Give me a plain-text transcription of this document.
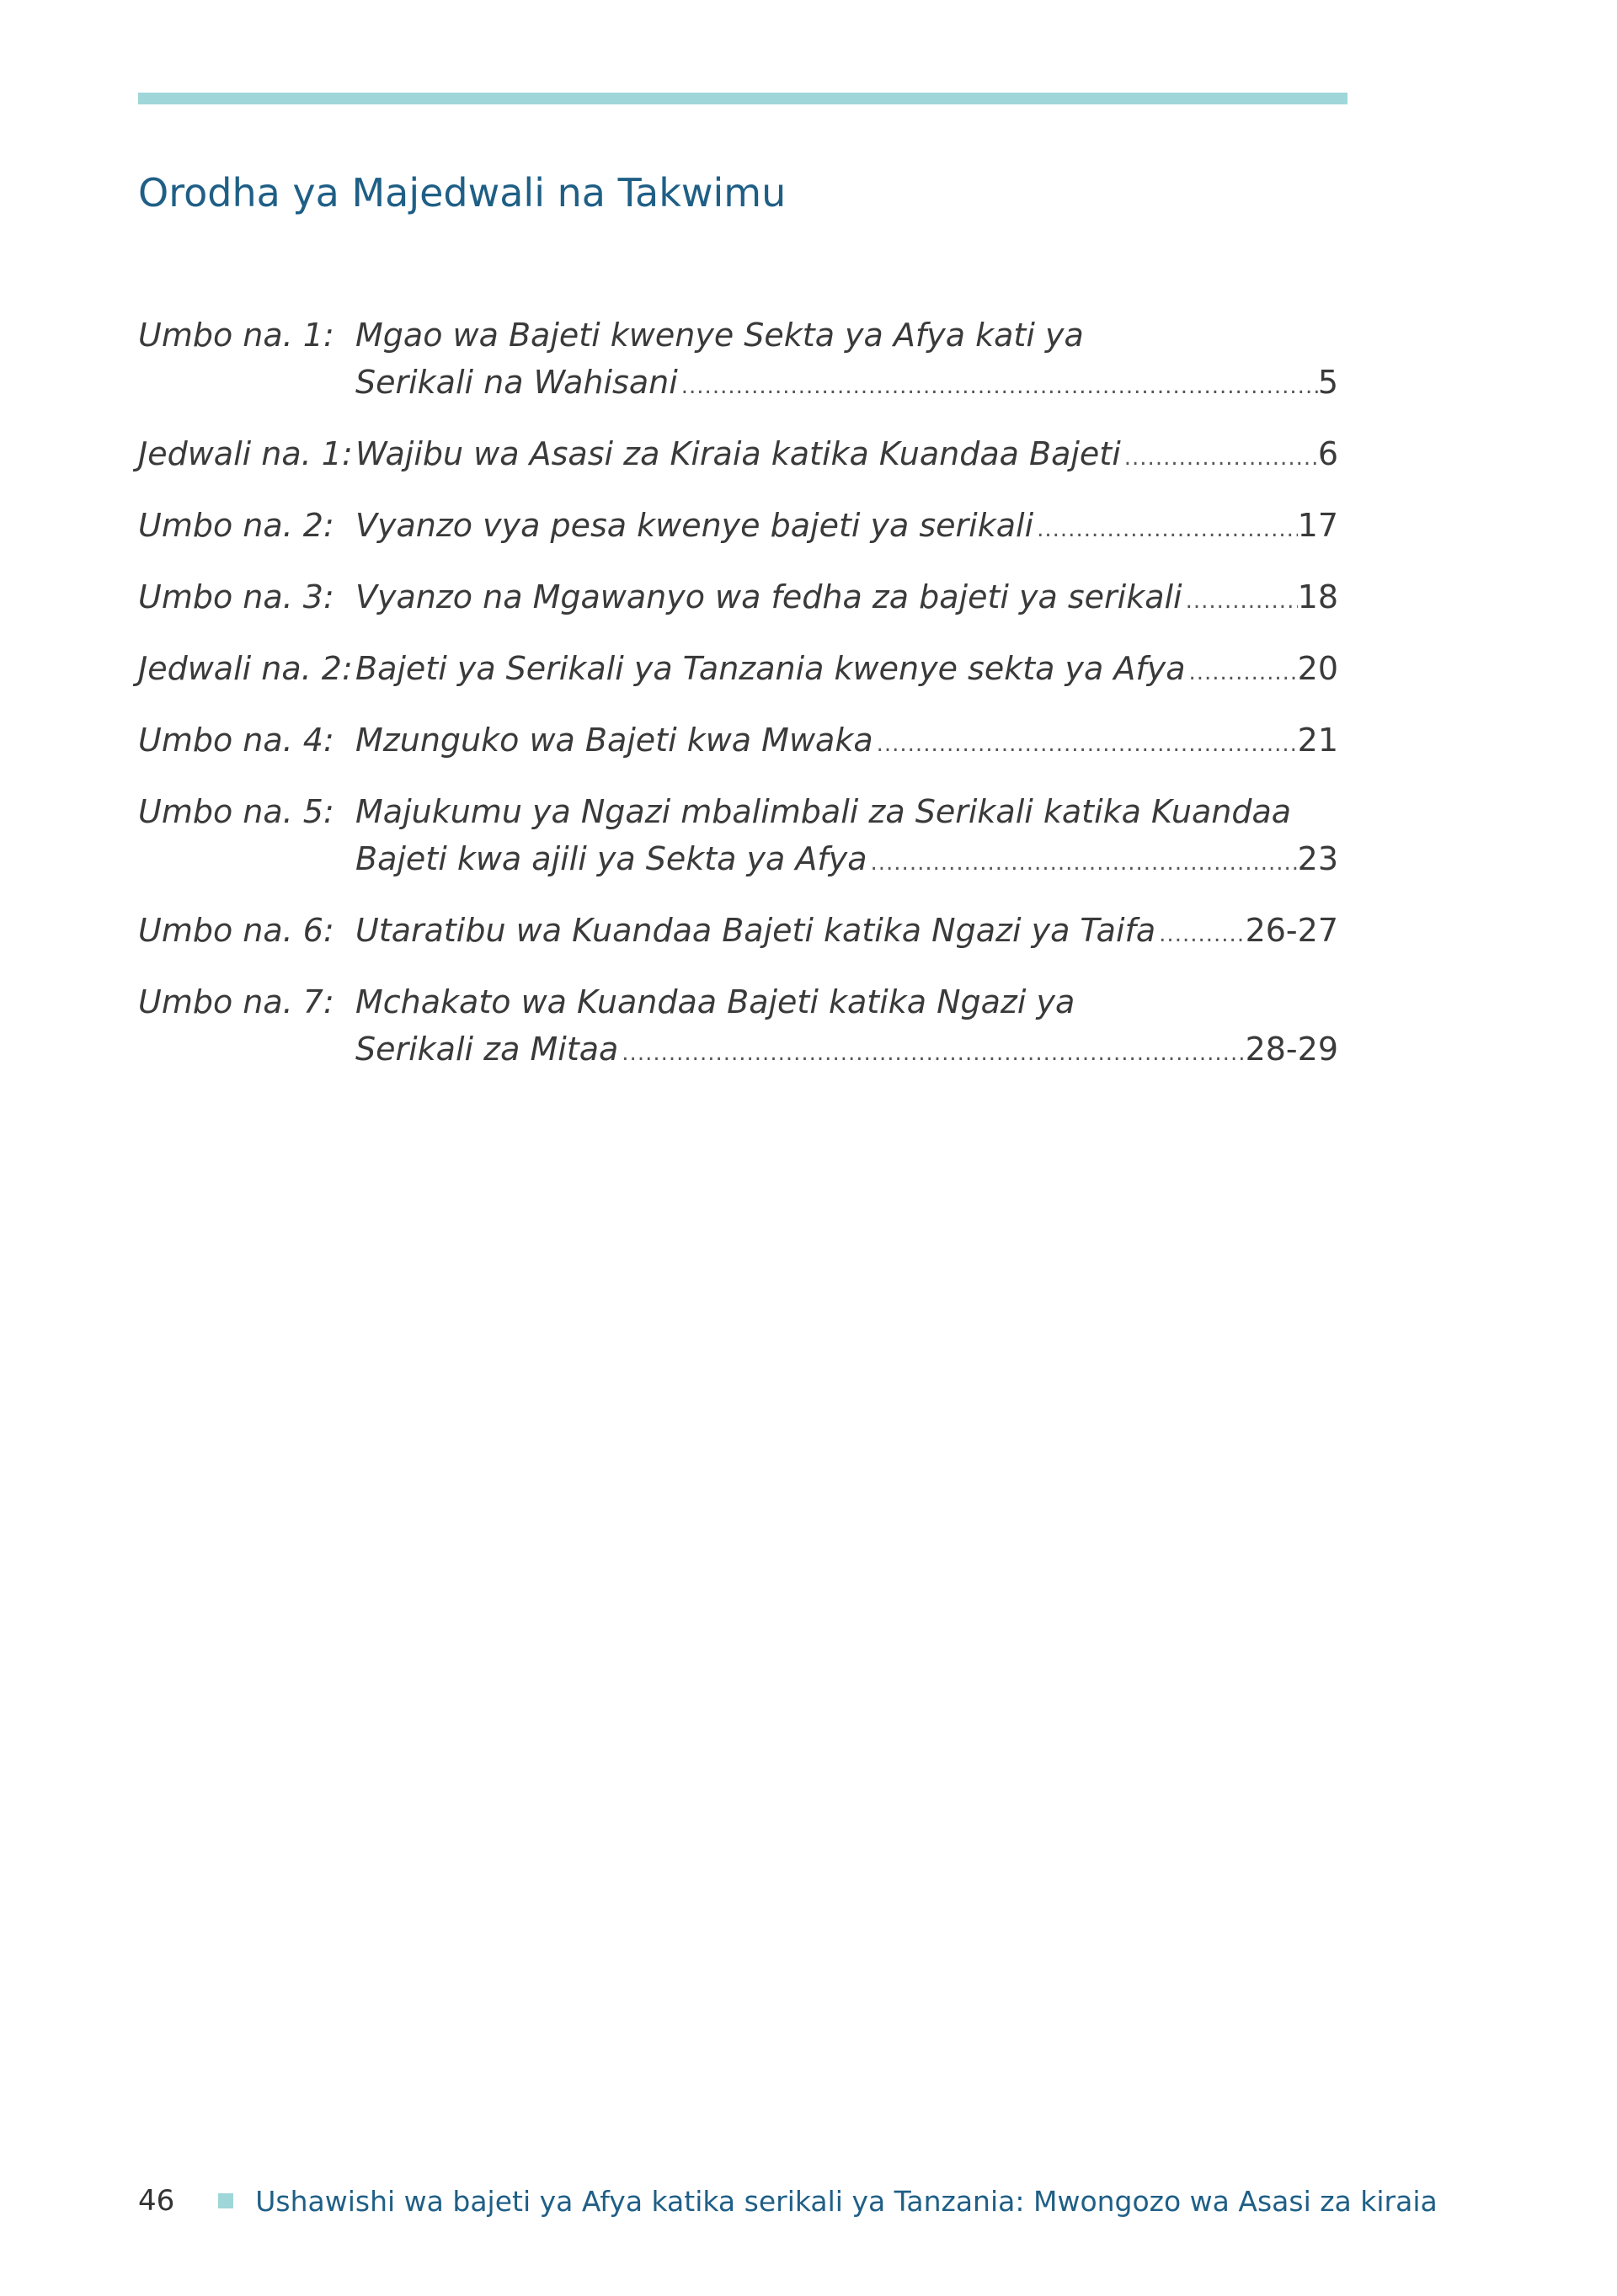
Orodha ya Majedwali na Takwimu
Umbo na. 1: Mgao wa Bajeti kwenye Sekta ya Afya kati ya
Serikali na Wahisani .....	5
Jedwali na. 1: Wajibu wa Asasi za Kiraia katika Kuandaa Bajeti .....	6
Umbo na. 2: Vyanzo vya pesa kwenye bajeti ya serikali .....	17
Umbo na. 3: Vyanzo na Mgawanyo wa fedha za bajeti ya serikali .....	18
Jedwali na. 2: Bajeti ya Serikali ya Tanzania kwenye sekta ya Afya .....	20
Umbo na. 4: Mzunguko wa Bajeti kwa Mwaka .....	21
Umbo na. 5: Majukumu ya Ngazi mbalimbali za Serikali katika Kuandaa
Bajeti kwa ajili ya Sekta ya Afya .....	23
Umbo na. 6: Utaratibu wa Kuandaa Bajeti katika Ngazi ya Taifa .....	26-27
Umbo na. 7: Mchakato wa Kuandaa Bajeti katika Ngazi ya
Serikali za Mitaa .....	28-29
46	Ushawishi wa bajeti ya Afya katika serikali ya Tanzania: Mwongozo wa Asasi za kiraia
